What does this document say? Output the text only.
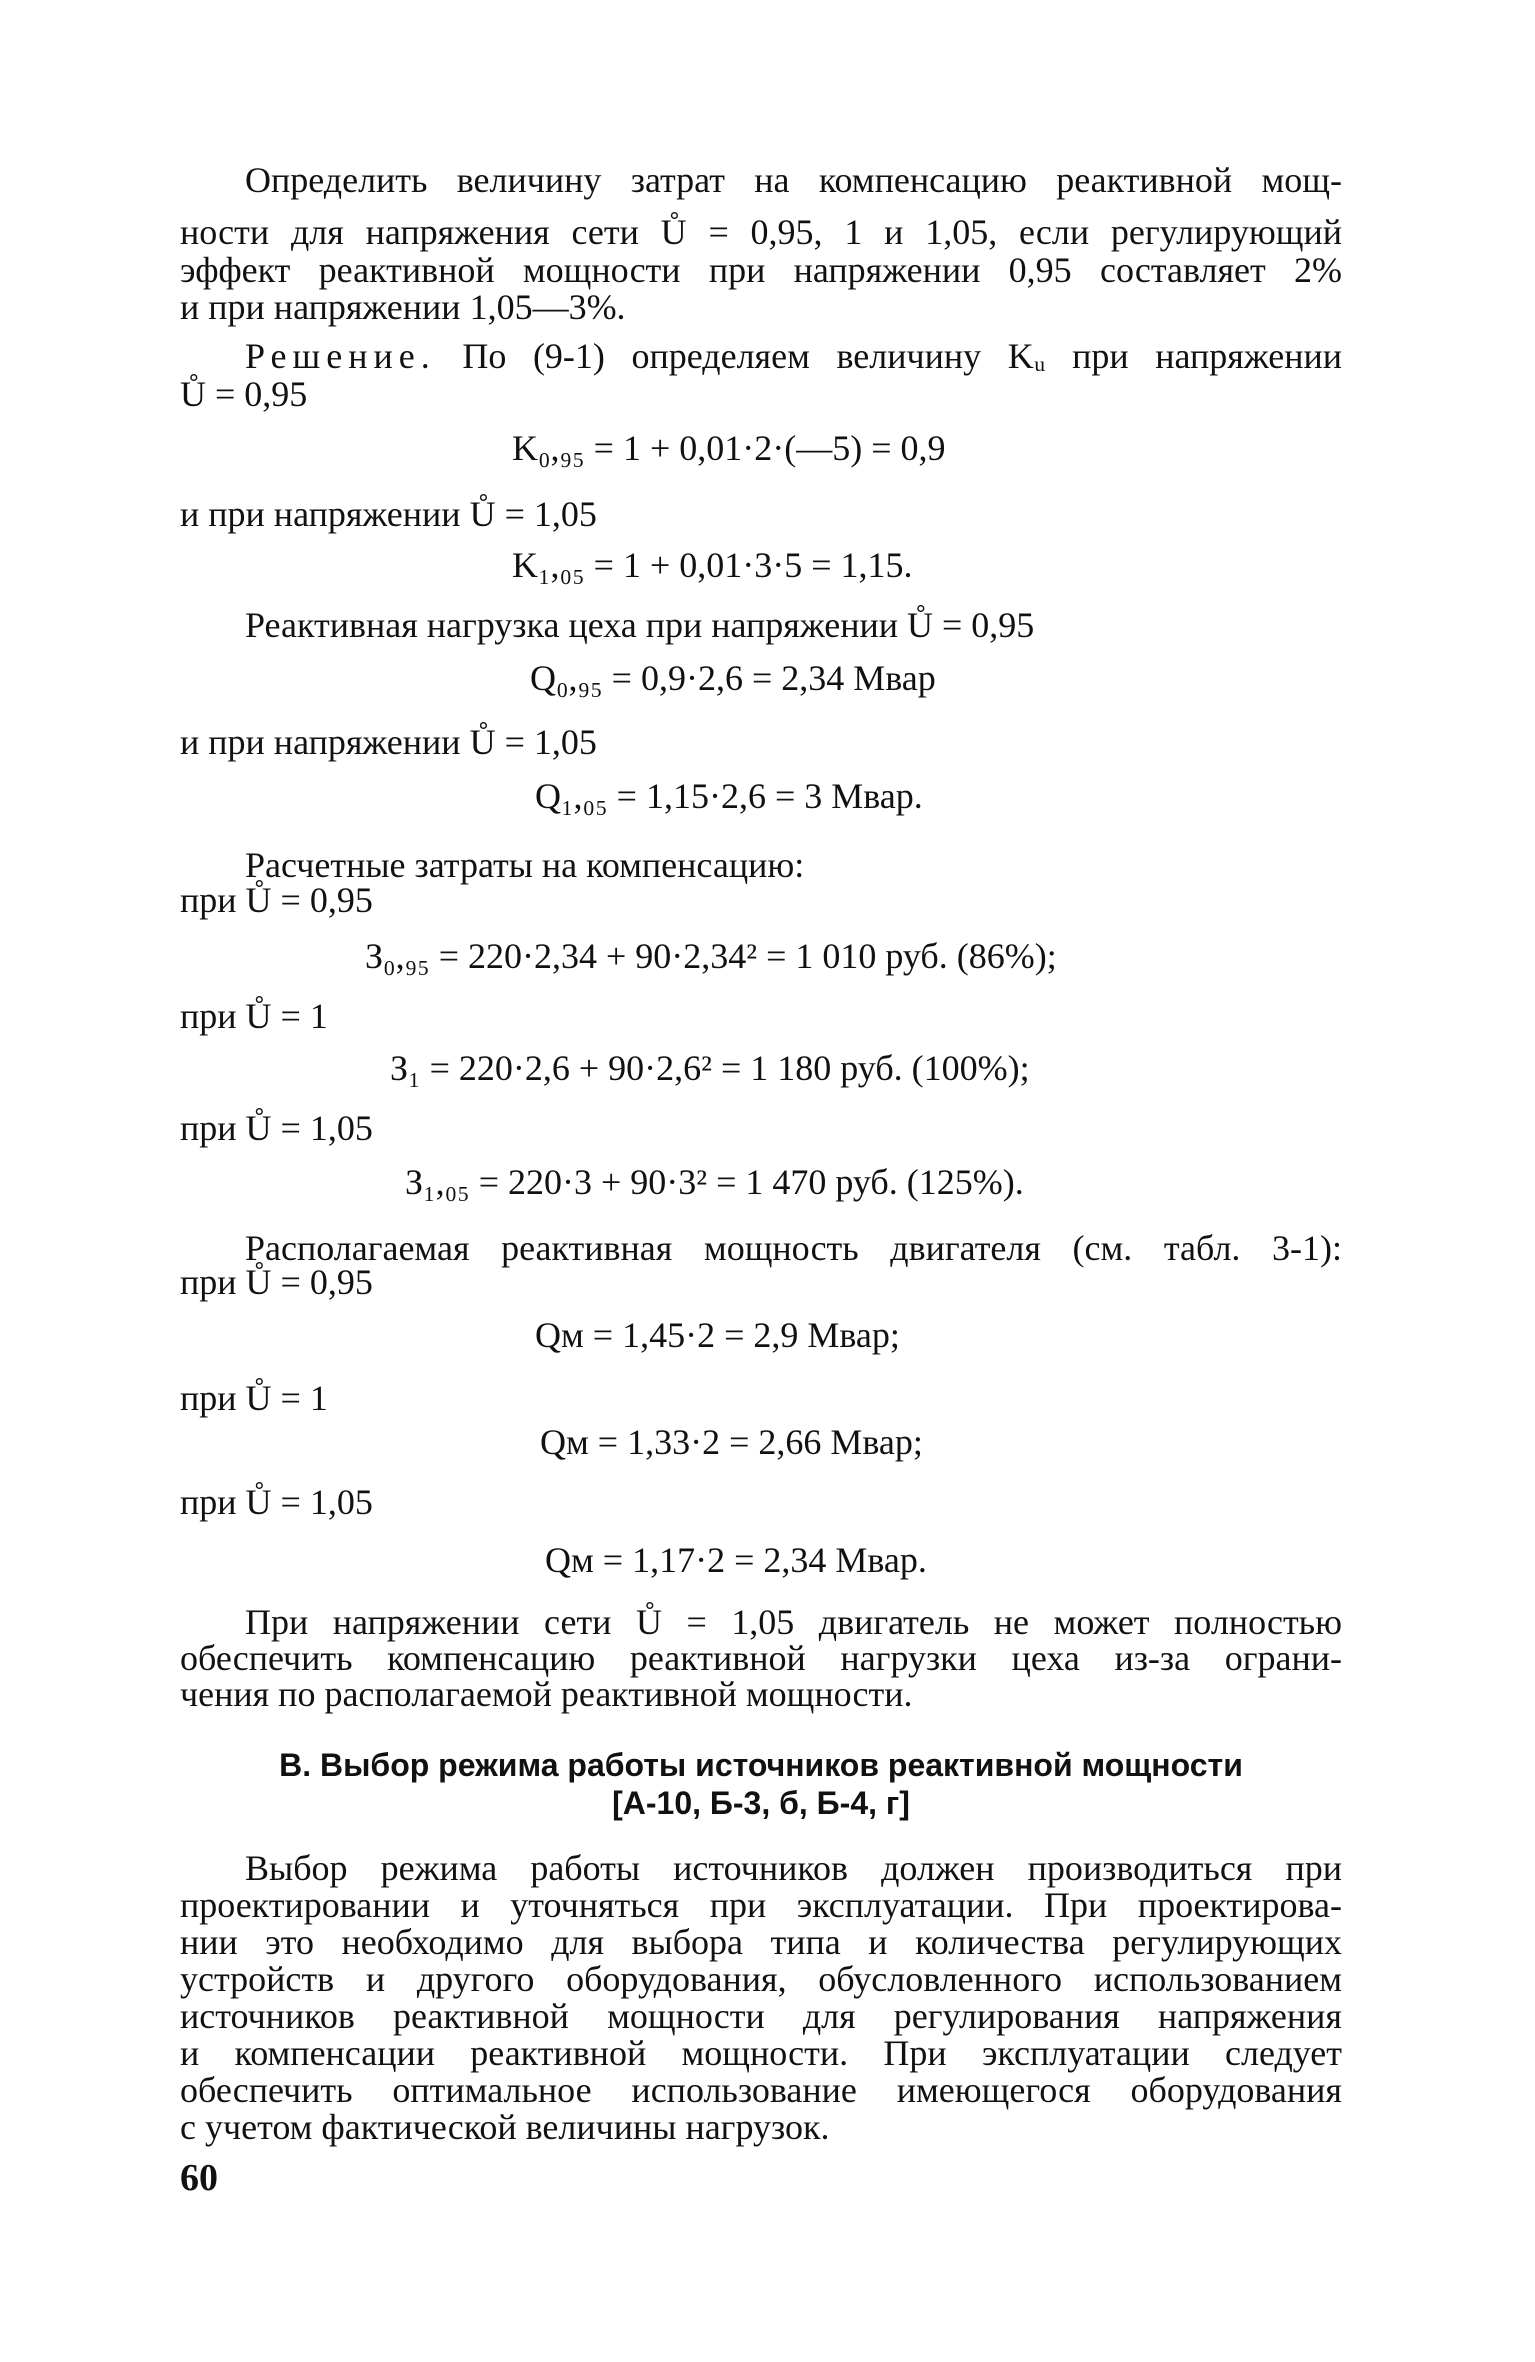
Определить величину затрат на компенсацию реактивной мощ-
ности для напряжения сети Ů = 0,95, 1 и 1,05, если регулирующий
эффект реактивной мощности при напряжении 0,95 составляет 2%
и при напряжении 1,05—3%.
Решение. По (9-1) определяем величину Kᵤ при напряжении
Ů = 0,95
K₀,₉₅ = 1 + 0,01·2·(—5) = 0,9
и при напряжении Ů = 1,05
K₁,₀₅ = 1 + 0,01·3·5 = 1,15.
Реактивная нагрузка цеха при напряжении Ů = 0,95
Q₀,₉₅ = 0,9·2,6 = 2,34 Мвар
и при напряжении Ů = 1,05
Q₁,₀₅ = 1,15·2,6 = 3 Мвар.
Расчетные затраты на компенсацию:
при Ů = 0,95
З₀,₉₅ = 220·2,34 + 90·2,34² = 1 010 руб. (86%);
при Ů = 1
З₁ = 220·2,6 + 90·2,6² = 1 180 руб. (100%);
при Ů = 1,05
З₁,₀₅ = 220·3 + 90·3² = 1 470 руб. (125%).
Располагаемая реактивная мощность двигателя (см. табл. 3-1):
при Ů = 0,95
Qм = 1,45·2 = 2,9 Мвар;
при Ů = 1
Qм = 1,33·2 = 2,66 Мвар;
при Ů = 1,05
Qм = 1,17·2 = 2,34 Мвар.
При напряжении сети Ů = 1,05 двигатель не может полностью
обеспечить компенсацию реактивной нагрузки цеха из-за ограни-
чения по располагаемой реактивной мощности.
В. Выбор режима работы источников реактивной мощности
[А-10, Б-3, б, Б-4, г]
Выбор режима работы источников должен производиться при
проектировании и уточняться при эксплуатации. При проектирова-
нии это необходимо для выбора типа и количества регулирующих
устройств и другого оборудования, обусловленного использованием
источников реактивной мощности для регулирования напряжения
и компенсации реактивной мощности. При эксплуатации следует
обеспечить оптимальное использование имеющегося оборудования
с учетом фактической величины нагрузок.
60
